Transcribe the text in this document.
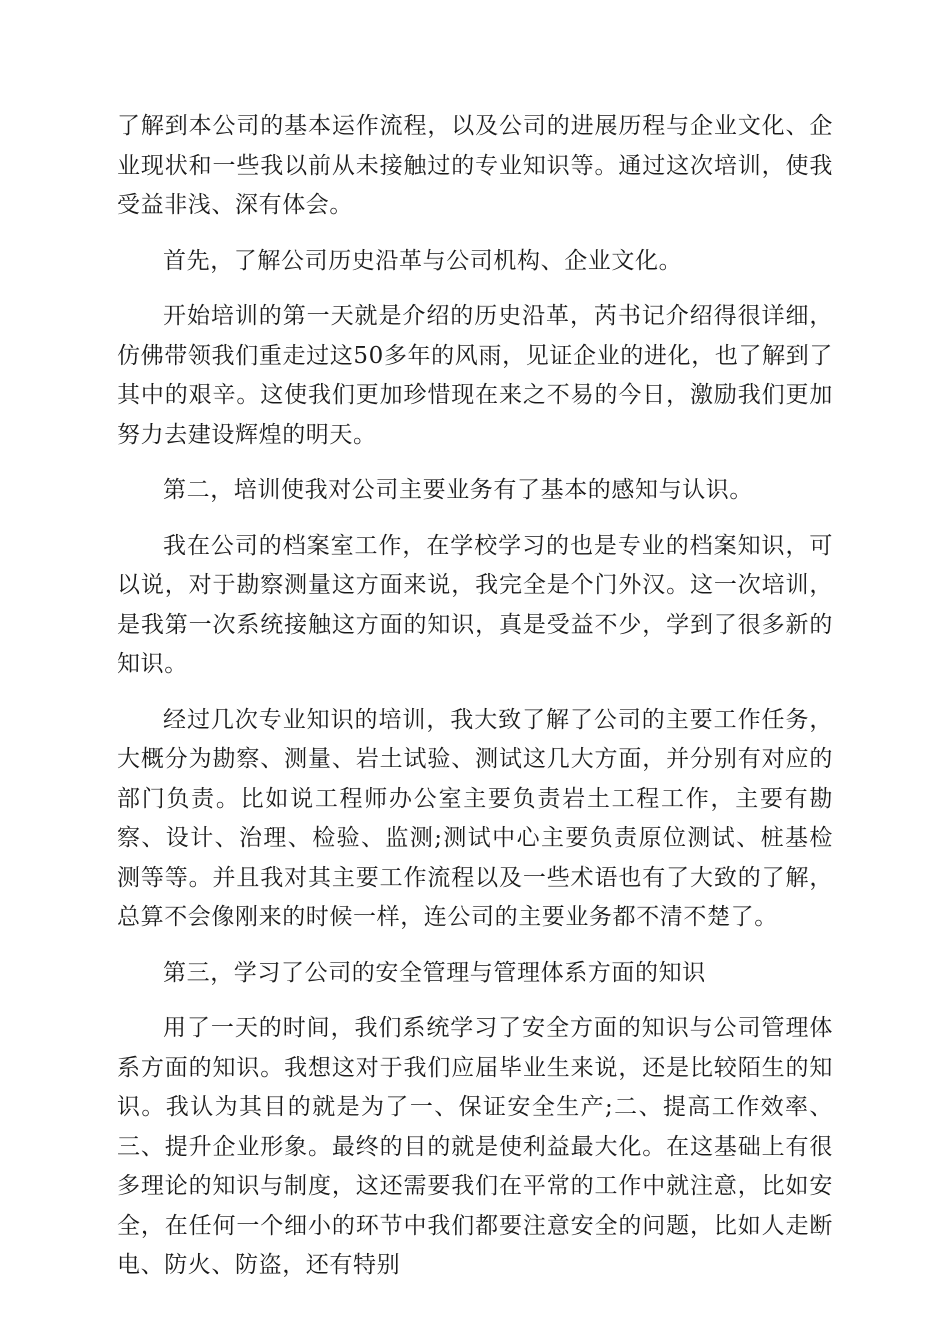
了解到本公司的基本运作流程，以及公司的进展历程与企业文化、企业现状和一些我以前从未接触过的专业知识等。通过这次培训，使我受益非浅、深有体会。

首先，了解公司历史沿革与公司机构、企业文化。

开始培训的第一天就是介绍的历史沿革，芮书记介绍得很详细，仿佛带领我们重走过这50多年的风雨，见证企业的进化，也了解到了其中的艰辛。这使我们更加珍惜现在来之不易的今日，激励我们更加努力去建设辉煌的明天。

第二，培训使我对公司主要业务有了基本的感知与认识。

我在公司的档案室工作，在学校学习的也是专业的档案知识，可以说，对于勘察测量这方面来说，我完全是个门外汉。这一次培训，是我第一次系统接触这方面的知识，真是受益不少，学到了很多新的知识。

经过几次专业知识的培训，我大致了解了公司的主要工作任务，大概分为勘察、测量、岩土试验、测试这几大方面，并分别有对应的部门负责。比如说工程师办公室主要负责岩土工程工作，主要有勘察、设计、治理、检验、监测;测试中心主要负责原位测试、桩基检测等等。并且我对其主要工作流程以及一些术语也有了大致的了解，总算不会像刚来的时候一样，连公司的主要业务都不清不楚了。

第三，学习了公司的安全管理与管理体系方面的知识

用了一天的时间，我们系统学习了安全方面的知识与公司管理体系方面的知识。我想这对于我们应届毕业生来说，还是比较陌生的知识。我认为其目的就是为了一、保证安全生产;二、提高工作效率、三、提升企业形象。最终的目的就是使利益最大化。在这基础上有很多理论的知识与制度，这还需要我们在平常的工作中就注意，比如安全，在任何一个细小的环节中我们都要注意安全的问题，比如人走断电、防火、防盗，还有特别
